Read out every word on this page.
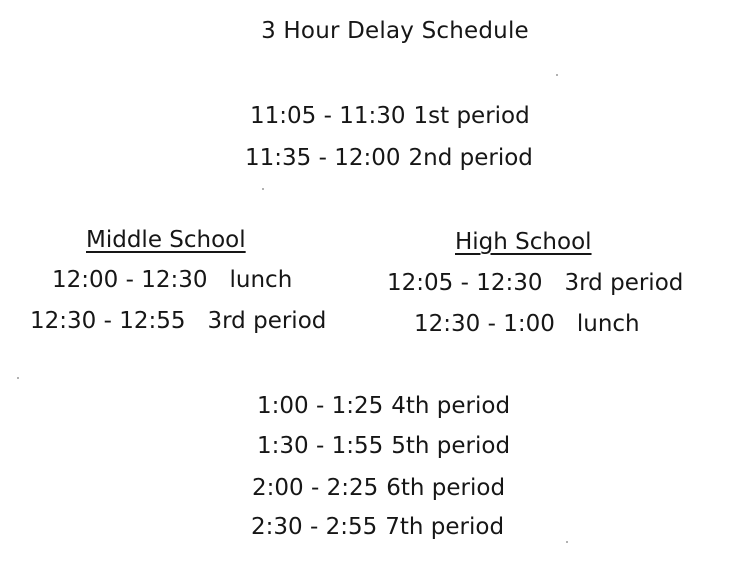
3 Hour Delay Schedule
11:05 - 11:30 1st period
11:35 - 12:00 2nd period
Middle School
12:00 - 12:30 lunch
12:30 - 12:55 3rd period
High School
12:05 - 12:30 3rd period
12:30 - 1:00 lunch
1:00 - 1:25 4th period
1:30 - 1:55 5th period
2:00 - 2:25 6th period
2:30 - 2:55 7th period
